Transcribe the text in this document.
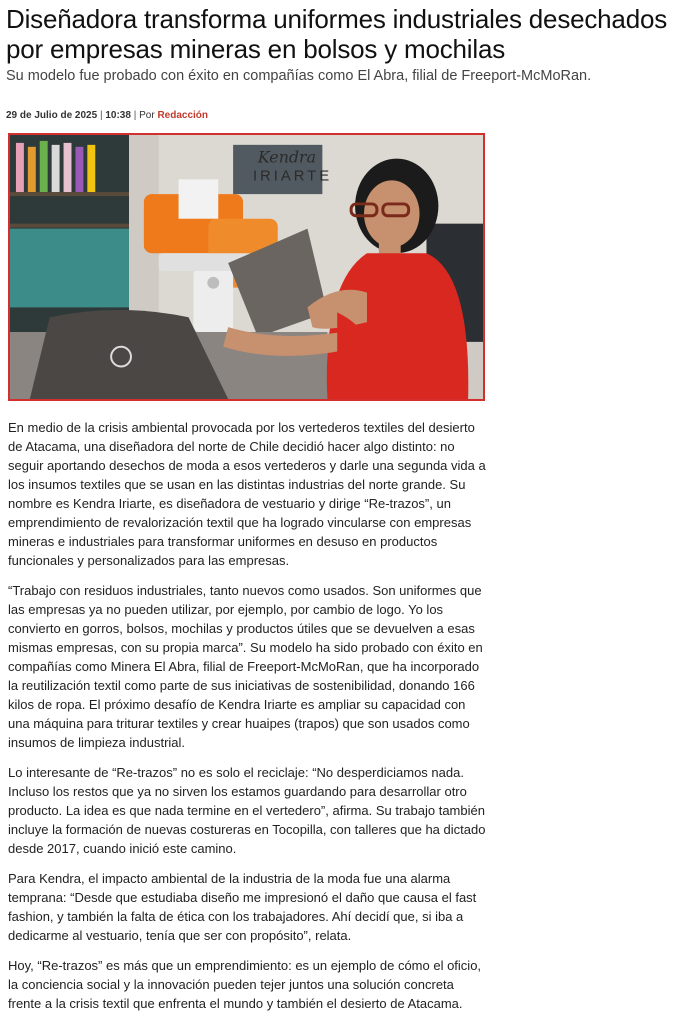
Diseñadora transforma uniformes industriales desechados por empresas mineras en bolsos y mochilas
Su modelo fue probado con éxito en compañías como El Abra, filial de Freeport-McMoRan.
29 de Julio de 2025 | 10:38 | Por Redacción
Kendra
IRIARTE

En medio de la crisis ambiental provocada por los vertederos textiles del desierto de Atacama, una diseñadora del norte de Chile decidió hacer algo distinto: no seguir aportando desechos de moda a esos vertederos y darle una segunda vida a los insumos textiles que se usan en las distintas industrias del norte grande. Su nombre es Kendra Iriarte, es diseñadora de vestuario y dirige “Re-trazos”, un emprendimiento de revalorización textil que ha logrado vincularse con empresas mineras e industriales para transformar uniformes en desuso en productos funcionales y personalizados para las empresas.

“Trabajo con residuos industriales, tanto nuevos como usados. Son uniformes que las empresas ya no pueden utilizar, por ejemplo, por cambio de logo. Yo los convierto en gorros, bolsos, mochilas y productos útiles que se devuelven a esas mismas empresas, con su propia marca”. Su modelo ha sido probado con éxito en compañías como Minera El Abra, filial de Freeport-McMoRan, que ha incorporado la reutilización textil como parte de sus iniciativas de sostenibilidad, donando 166 kilos de ropa. El próximo desafío de Kendra Iriarte es ampliar su capacidad con una máquina para triturar textiles y crear huaipes (trapos) que son usados como insumos de limpieza industrial.

Lo interesante de “Re-trazos” no es solo el reciclaje: “No desperdiciamos nada. Incluso los restos que ya no sirven los estamos guardando para desarrollar otro producto. La idea es que nada termine en el vertedero”, afirma. Su trabajo también incluye la formación de nuevas costureras en Tocopilla, con talleres que ha dictado desde 2017, cuando inició este camino.

Para Kendra, el impacto ambiental de la industria de la moda fue una alarma temprana: “Desde que estudiaba diseño me impresionó el daño que causa el fast fashion, y también la falta de ética con los trabajadores. Ahí decidí que, si iba a dedicarme al vestuario, tenía que ser con propósito”, relata.

Hoy, “Re-trazos” es más que un emprendimiento: es un ejemplo de cómo el oficio, la conciencia social y la innovación pueden tejer juntos una solución concreta frente a la crisis textil que enfrenta el mundo y también el desierto de Atacama.
